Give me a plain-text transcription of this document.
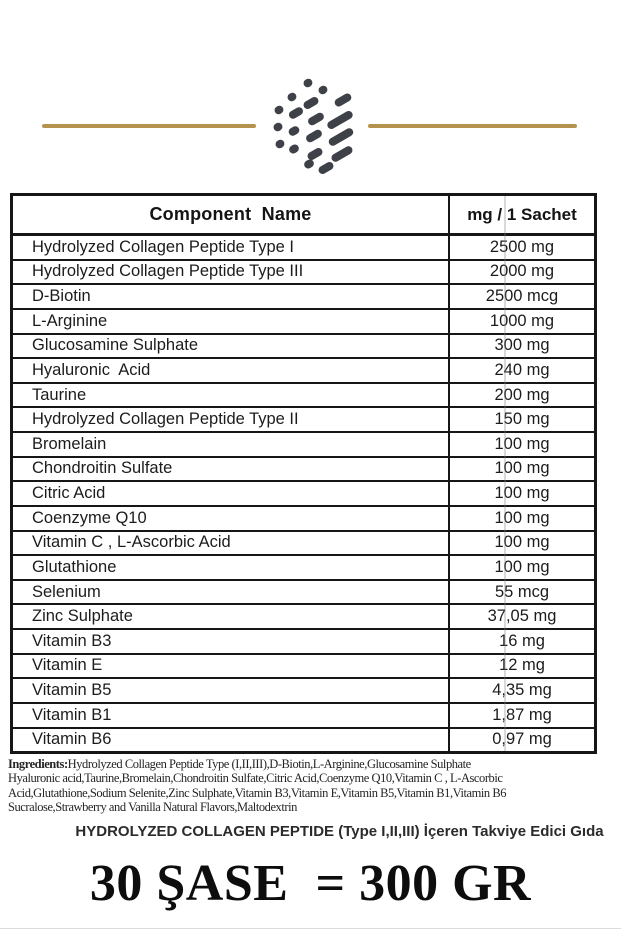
Component  Name	mg / 1 Sachet
Hydrolyzed Collagen Peptide Type I	2500 mg
Hydrolyzed Collagen Peptide Type III	2000 mg
D-Biotin	2500 mcg
L-Arginine	1000 mg
Glucosamine Sulphate	300 mg
Hyaluronic  Acid	240 mg
Taurine	200 mg
Hydrolyzed Collagen Peptide Type II	150 mg
Bromelain	100 mg
Chondroitin Sulfate	100 mg
Citric Acid	100 mg
Coenzyme Q10	100 mg
Vitamin C , L-Ascorbic Acid	100 mg
Glutathione	100 mg
Selenium	55 mcg
Zinc Sulphate	37,05 mg
Vitamin B3	16 mg
Vitamin E	12 mg
Vitamin B5	4,35 mg
Vitamin B1	1,87 mg
Vitamin B6	0,97 mg
Ingredients:Hydrolyzed Collagen Peptide Type (I,II,III),D-Biotin,L-Arginine,Glucosamine Sulphate
Hyaluronic acid,Taurine,Bromelain,Chondroitin Sulfate,Citric Acid,Coenzyme Q10,Vitamin C , L-Ascorbic
Acid,Glutathione,Sodium Selenite,Zinc Sulphate,Vitamin B3,Vitamin E,Vitamin B5,Vitamin B1,Vitamin B6
Sucralose,Strawberry and Vanilla Natural Flavors,Maltodextrin
HYDROLYZED COLLAGEN PEPTIDE (Type I,II,III) İçeren Takviye Edici Gıda
30 ŞASE  = 300 GR
